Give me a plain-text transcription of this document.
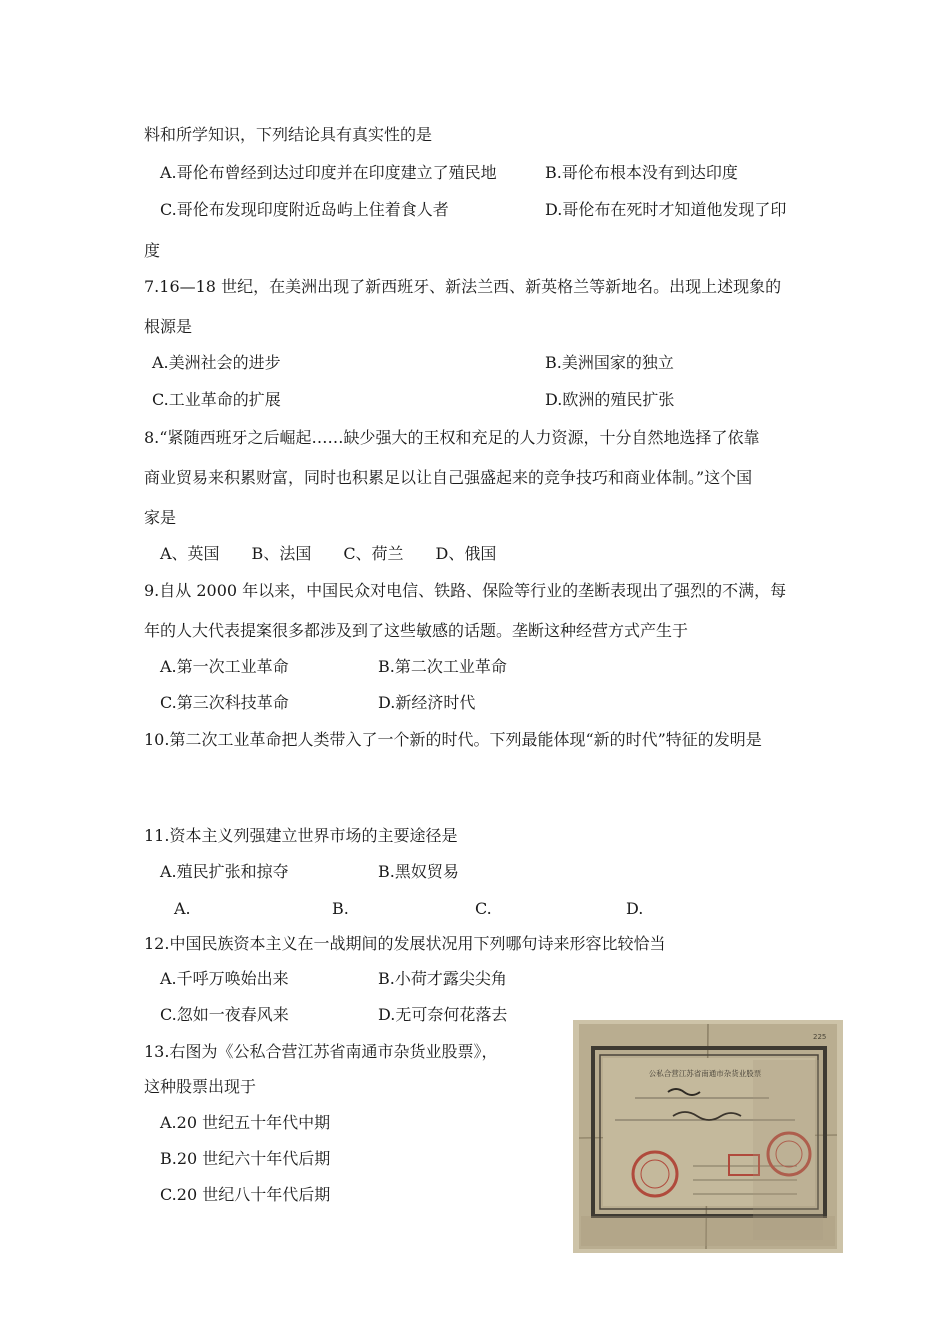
料和所学知识，下列结论具有真实性的是
A.哥伦布曾经到达过印度并在印度建立了殖民地	B.哥伦布根本没有到达印度
C.哥伦布发现印度附近岛屿上住着食人者	D.哥伦布在死时才知道他发现了印
度
7.16—18 世纪，在美洲出现了新西班牙、新法兰西、新英格兰等新地名。出现上述现象的
根源是
A.美洲社会的进步	B.美洲国家的独立
C.工业革命的扩展	D.欧洲的殖民扩张
8.“紧随西班牙之后崛起……缺少强大的王权和充足的人力资源，十分自然地选择了依靠
商业贸易来积累财富，同时也积累足以让自己强盛起来的竞争技巧和商业体制。”这个国
家是
A、英国　　B、法国　　C、荷兰　　D、俄国
9.自从 2000 年以来，中国民众对电信、铁路、保险等行业的垄断表现出了强烈的不满，每
年的人大代表提案很多都涉及到了这些敏感的话题。垄断这种经营方式产生于
A.第一次工业革命	B.第二次工业革命
C.第三次科技革命	D.新经济时代
10.第二次工业革命把人类带入了一个新的时代。下列最能体现“新的时代”特征的发明是
11.资本主义列强建立世界市场的主要途径是
A.殖民扩张和掠夺	B.黑奴贸易
A.	B.	C.	D.
12.中国民族资本主义在一战期间的发展状况用下列哪句诗来形容比较恰当
A.千呼万唤始出来	B.小荷才露尖尖角
C.忽如一夜春风来	D.无可奈何花落去
13.右图为《公私合营江苏省南通市杂货业股票》，
这种股票出现于
A.20 世纪五十年代中期
B.20 世纪六十年代后期
C.20 世纪八十年代后期
公私合营江苏省南通市杂货业股票
225
